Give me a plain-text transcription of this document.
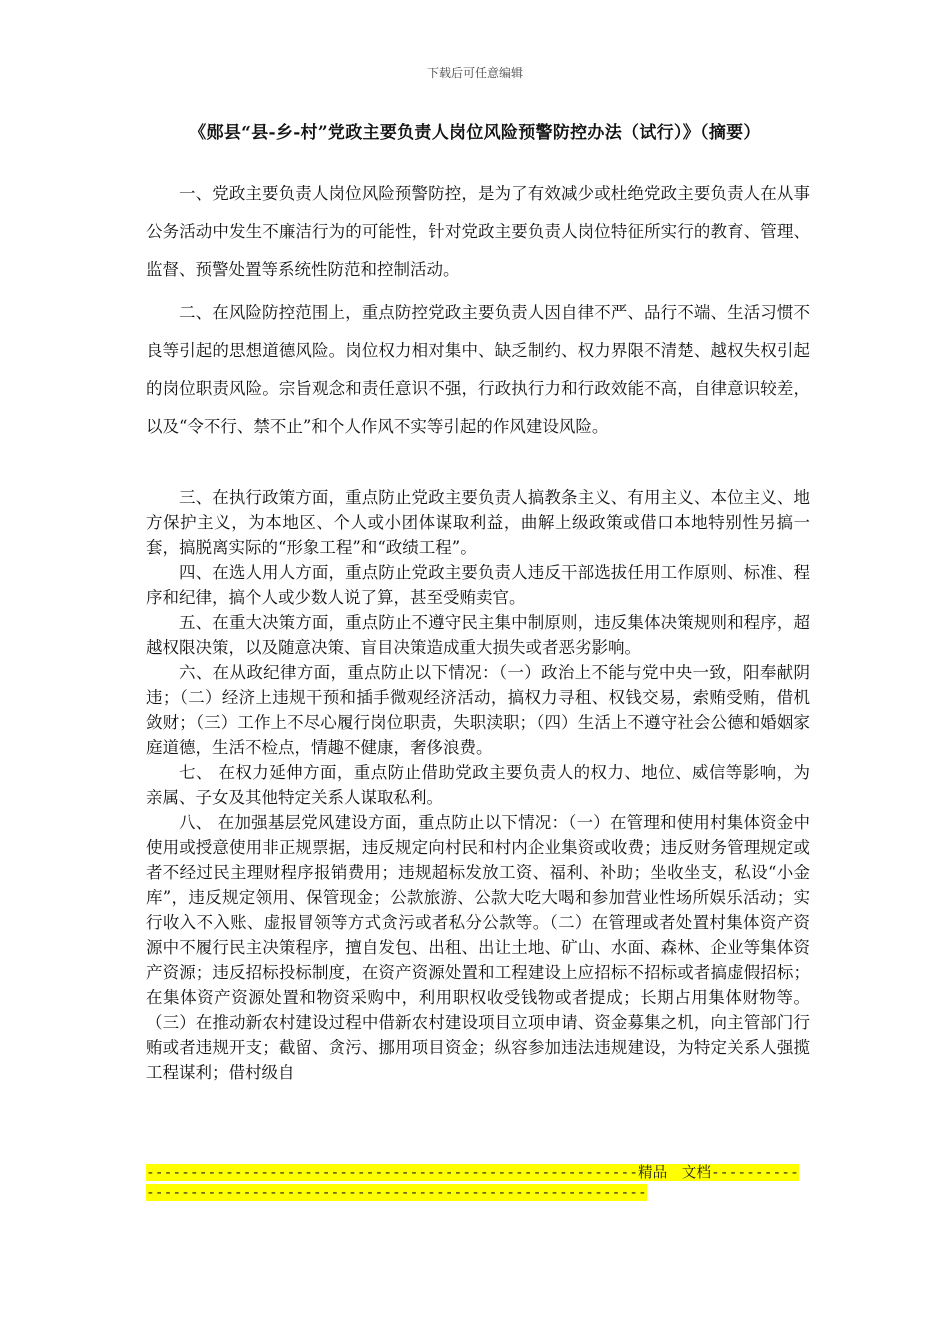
下载后可任意编辑
《郧县“县-乡-村”党政主要负责人岗位风险预警防控办法（试行）》（摘要）

一、党政主要负责人岗位风险预警防控，是为了有效减少或杜绝党政主要负责人在从事公务活动中发生不廉洁行为的可能性，针对党政主要负责人岗位特征所实行的教育、管理、监督、预警处置等系统性防范和控制活动。

二、在风险防控范围上，重点防控党政主要负责人因自律不严、品行不端、生活习惯不良等引起的思想道德风险。岗位权力相对集中、缺乏制约、权力界限不清楚、越权失权引起的岗位职责风险。宗旨观念和责任意识不强，行政执行力和行政效能不高，自律意识较差，以及“令不行、禁不止”和个人作风不实等引起的作风建设风险。

三、在执行政策方面，重点防止党政主要负责人搞教条主义、有用主义、本位主义、地方保护主义，为本地区、个人或小团体谋取利益，曲解上级政策或借口本地特别性另搞一套，搞脱离实际的“形象工程”和“政绩工程”。

四、在选人用人方面，重点防止党政主要负责人违反干部选拔任用工作原则、标准、程序和纪律，搞个人或少数人说了算，甚至受贿卖官。

五、在重大决策方面，重点防止不遵守民主集中制原则，违反集体决策规则和程序，超越权限决策，以及随意决策、盲目决策造成重大损失或者恶劣影响。

六、在从政纪律方面，重点防止以下情况：（一）政治上不能与党中央一致，阳奉献阴违；（二）经济上违规干预和插手微观经济活动，搞权力寻租、权钱交易，索贿受贿，借机敛财；（三）工作上不尽心履行岗位职责，失职渎职；（四）生活上不遵守社会公德和婚姻家庭道德，生活不检点，情趣不健康，奢侈浪费。

七、 在权力延伸方面，重点防止借助党政主要负责人的权力、地位、威信等影响，为亲属、子女及其他特定关系人谋取私利。

八、 在加强基层党风建设方面，重点防止以下情况：（一）在管理和使用村集体资金中使用或授意使用非正规票据，违反规定向村民和村内企业集资或收费；违反财务管理规定或者不经过民主理财程序报销费用；违规超标发放工资、福利、补助；坐收坐支，私设“小金库”，违反规定领用、保管现金；公款旅游、公款大吃大喝和参加营业性场所娱乐活动；实行收入不入账、虚报冒领等方式贪污或者私分公款等。（二）在管理或者处置村集体资产资源中不履行民主决策程序，擅自发包、出租、出让土地、矿山、水面、森林、企业等集体资产资源；违反招标投标制度，在资产资源处置和工程建设上应招标不招标或者搞虚假招标；在集体资产资源处置和物资采购中，利用职权收受钱物或者提成；长期占用集体财物等。（三）在推动新农村建设过程中借新农村建设项目立项申请、资金募集之机，向主管部门行贿或者违规开支；截留、贪污、挪用项目资金；纵容参加违法违规建设，为特定关系人强揽工程谋利；借村级自

--------------------------------------------------------精品　文档-------------------------------------------------------------------
